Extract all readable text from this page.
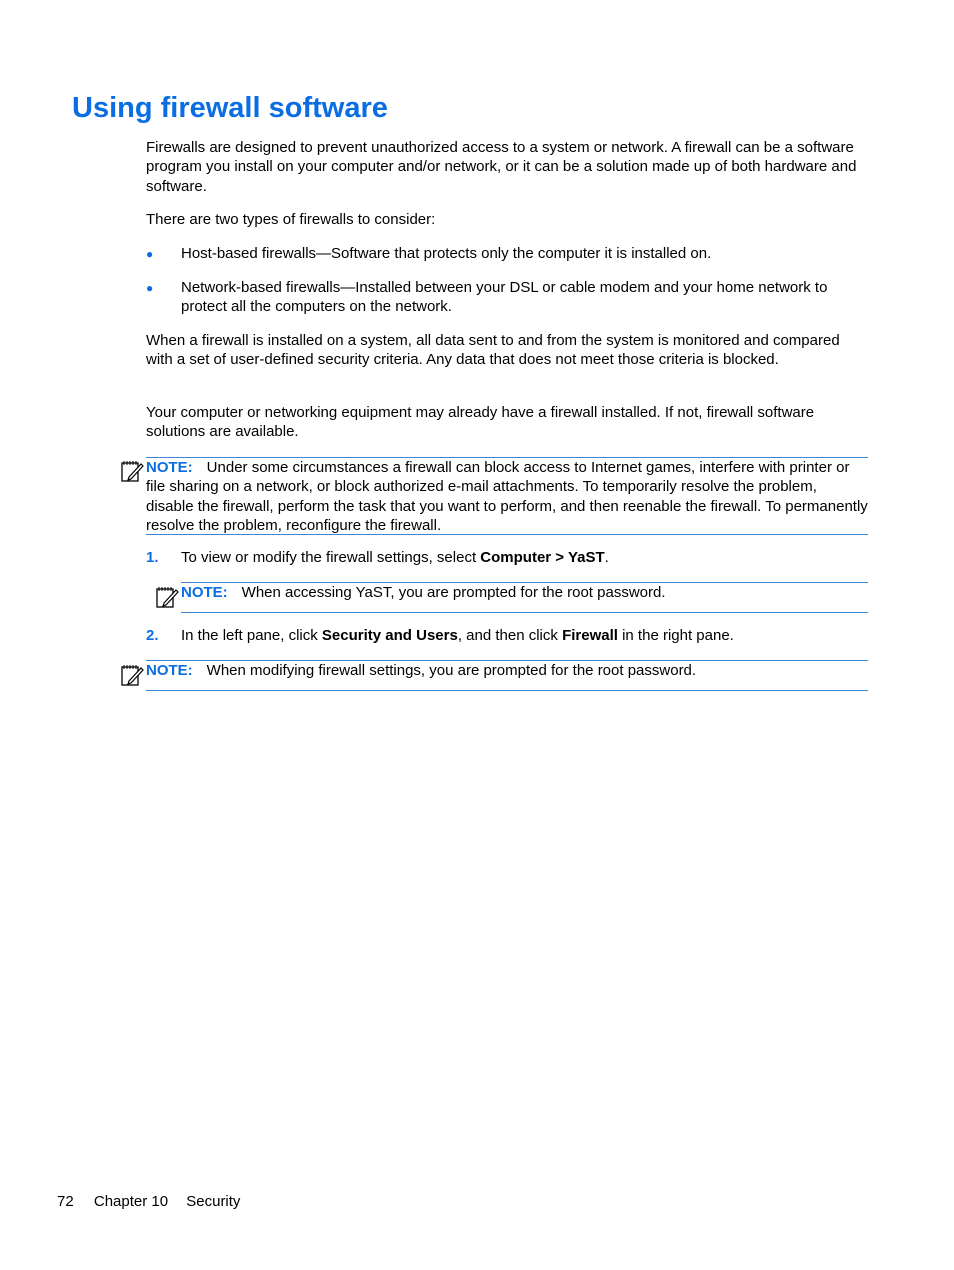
Using firewall software

Firewalls are designed to prevent unauthorized access to a system or network. A firewall can be a software program you install on your computer and/or network, or it can be a solution made up of both hardware and software.

There are two types of firewalls to consider:

● Host-based firewalls—Software that protects only the computer it is installed on.

● Network-based firewalls—Installed between your DSL or cable modem and your home network to protect all the computers on the network.

When a firewall is installed on a system, all data sent to and from the system is monitored and compared with a set of user-defined security criteria. Any data that does not meet those criteria is blocked.

Your computer or networking equipment may already have a firewall installed. If not, firewall software solutions are available.

NOTE: Under some circumstances a firewall can block access to Internet games, interfere with printer or file sharing on a network, or block authorized e-mail attachments. To temporarily resolve the problem, disable the firewall, perform the task that you want to perform, and then reenable the firewall. To permanently resolve the problem, reconfigure the firewall.
1. To view or modify the firewall settings, select Computer > YaST.

NOTE: When accessing YaST, you are prompted for the root password.
2. In the left pane, click Security and Users, and then click Firewall in the right pane.

NOTE: When modifying firewall settings, you are prompted for the root password.
72 Chapter 10 Security
